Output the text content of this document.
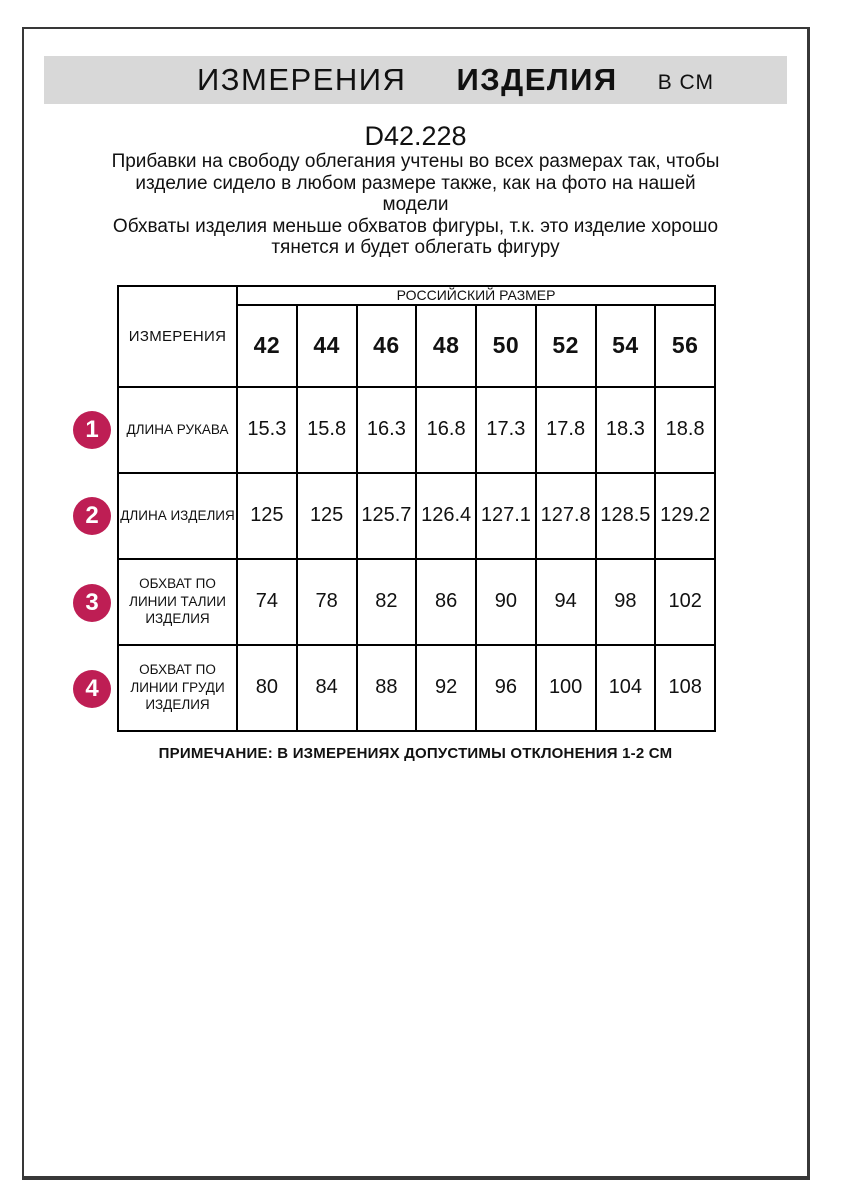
ИЗМЕРЕНИЯ ИЗДЕЛИЯ В СМ
D42.228
Прибавки на свободу облегания учтены во всех размерах так, чтобы
изделие сидело в любом размере также, как на фото на нашей
модели
Обхваты изделия меньше обхватов фигуры, т.к. это изделие хорошо
тянется и будет облегать фигуру
1
2
3
4
ИЗМЕРЕНИЯ	РОССИЙСКИЙ РАЗМЕР							
	42	44	46	48	50	52	54	56
ДЛИНА РУКАВА	15.3	15.8	16.3	16.8	17.3	17.8	18.3	18.8
ДЛИНА ИЗДЕЛИЯ	125	125	125.7	126.4	127.1	127.8	128.5	129.2
ОБХВАТ ПО ЛИНИИ ТАЛИИ ИЗДЕЛИЯ	74	78	82	86	90	94	98	102
ОБХВАТ ПО ЛИНИИ ГРУДИ ИЗДЕЛИЯ	80	84	88	92	96	100	104	108
ПРИМЕЧАНИЕ: В ИЗМЕРЕНИЯХ ДОПУСТИМЫ ОТКЛОНЕНИЯ 1-2 СМ
